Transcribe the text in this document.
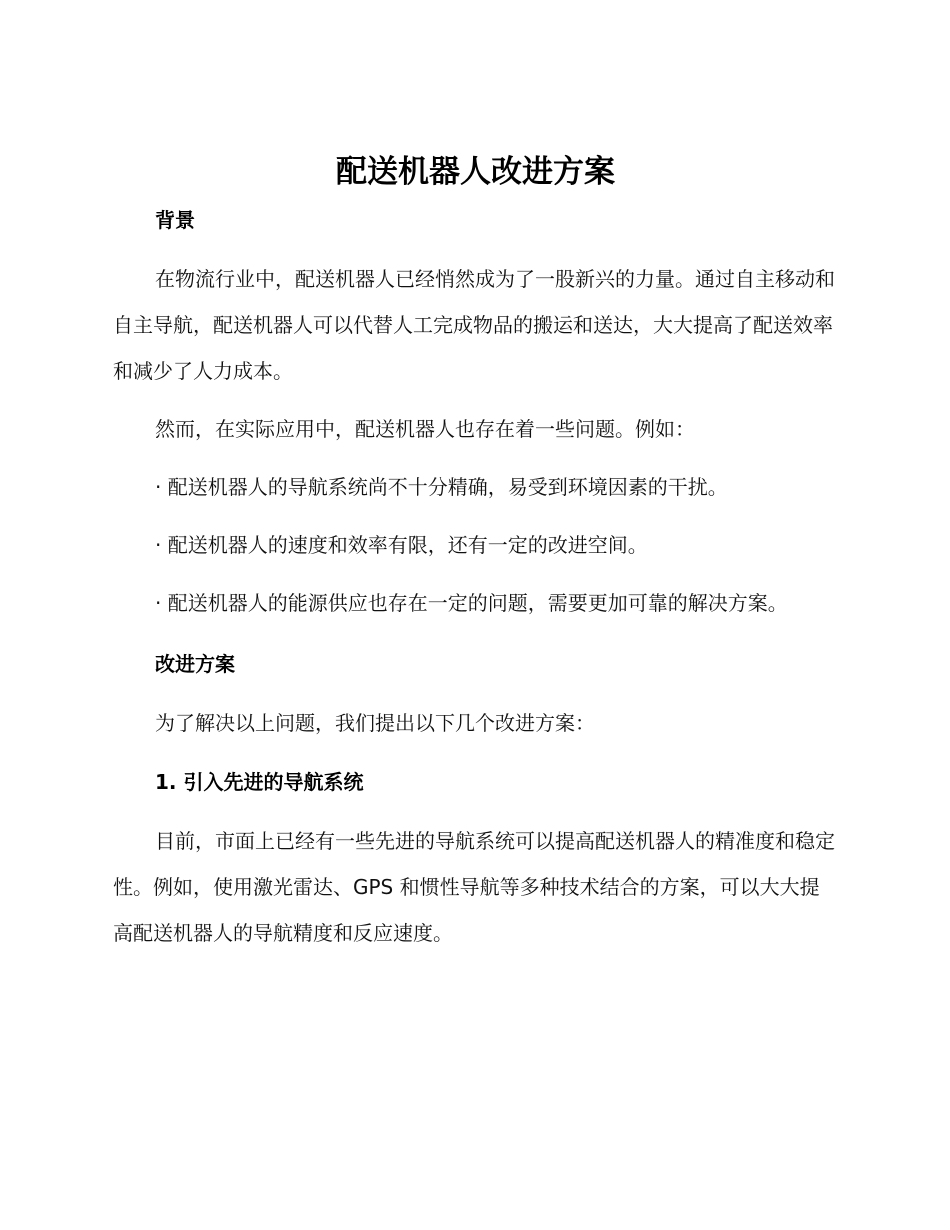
配送机器人改进方案
背景

在物流行业中，配送机器人已经悄然成为了一股新兴的力量。通过自主移动和自主导航，配送机器人可以代替人工完成物品的搬运和送达，大大提高了配送效率和减少了人力成本。

然而，在实际应用中，配送机器人也存在着一些问题。例如：

· 配送机器人的导航系统尚不十分精确，易受到环境因素的干扰。

· 配送机器人的速度和效率有限，还有一定的改进空间。

· 配送机器人的能源供应也存在一定的问题，需要更加可靠的解决方案。

改进方案

为了解决以上问题，我们提出以下几个改进方案：

1. 引入先进的导航系统

目前，市面上已经有一些先进的导航系统可以提高配送机器人的精准度和稳定性。例如，使用激光雷达、GPS 和惯性导航等多种技术结合的方案，可以大大提高配送机器人的导航精度和反应速度。
